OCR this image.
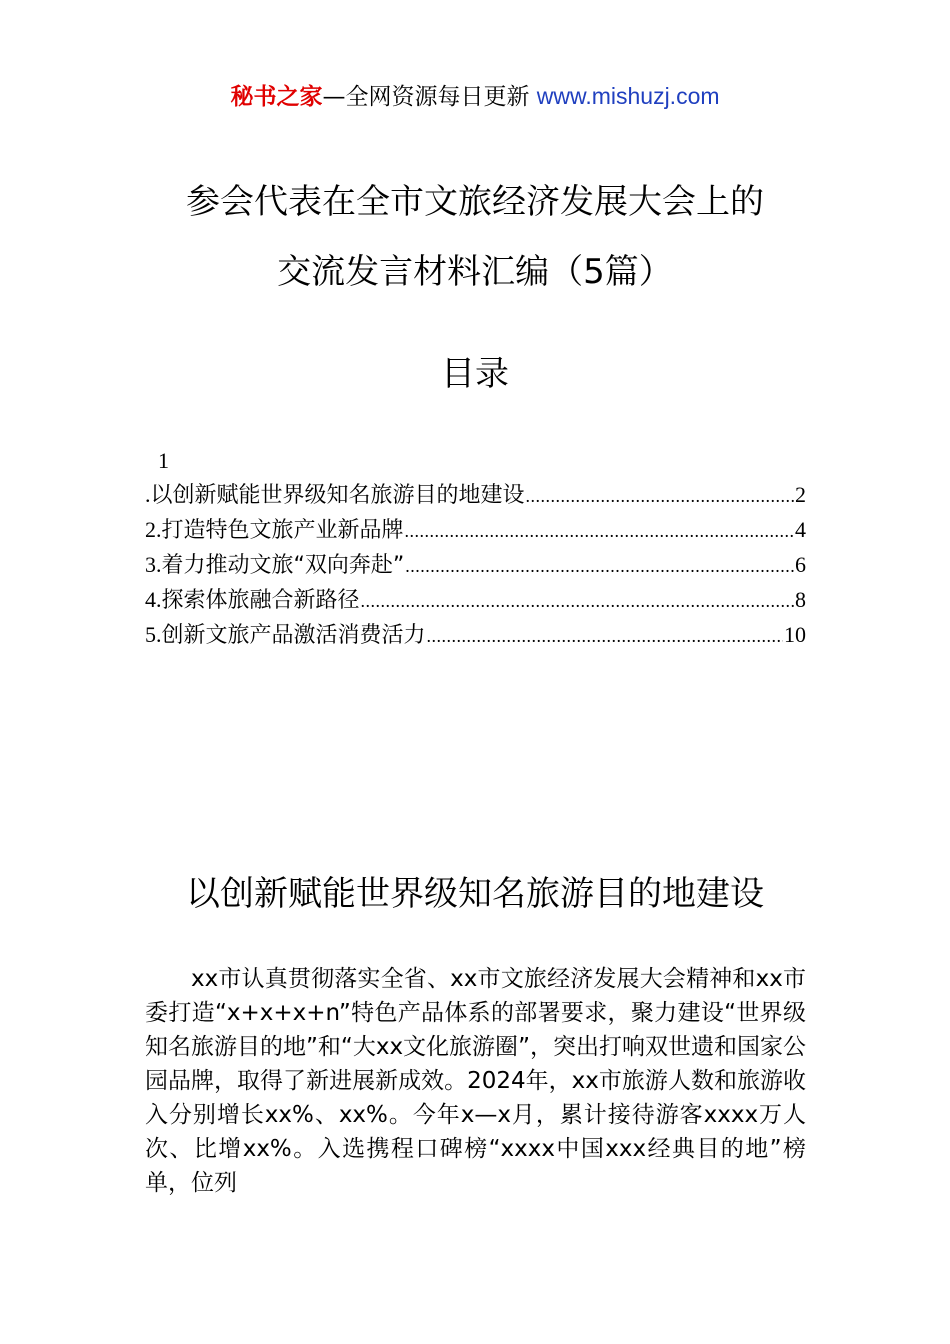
秘书之家—全网资源每日更新 www.mishuzj.com
参会代表在全市文旅经济发展大会上的
交流发言材料汇编（5篇）
目录
1
. 以创新赋能世界级知名旅游目的地建设 .....	2
2. 打造特色文旅产业新品牌 .....	4
3. 着力推动文旅“双向奔赴” .....	6
4. 探索体旅融合新路径 .....	8
5. 创新文旅产品激活消费活力 .....	10
以创新赋能世界级知名旅游目的地建设

xx市认真贯彻落实全省、xx市文旅经济发展大会精神和xx市委打造“x+x+x+n”特色产品体系的部署要求，聚力建设“世界级知名旅游目的地”和“大xx文化旅游圈”，突出打响双世遗和国家公园品牌，取得了新进展新成效。2024年，xx市旅游人数和旅游收入分别增长xx%、xx%。今年x—x月，累计接待游客xxxx万人次、比增xx%。入选携程口碑榜“xxxx中国xxx经典目的地”榜单，位列
